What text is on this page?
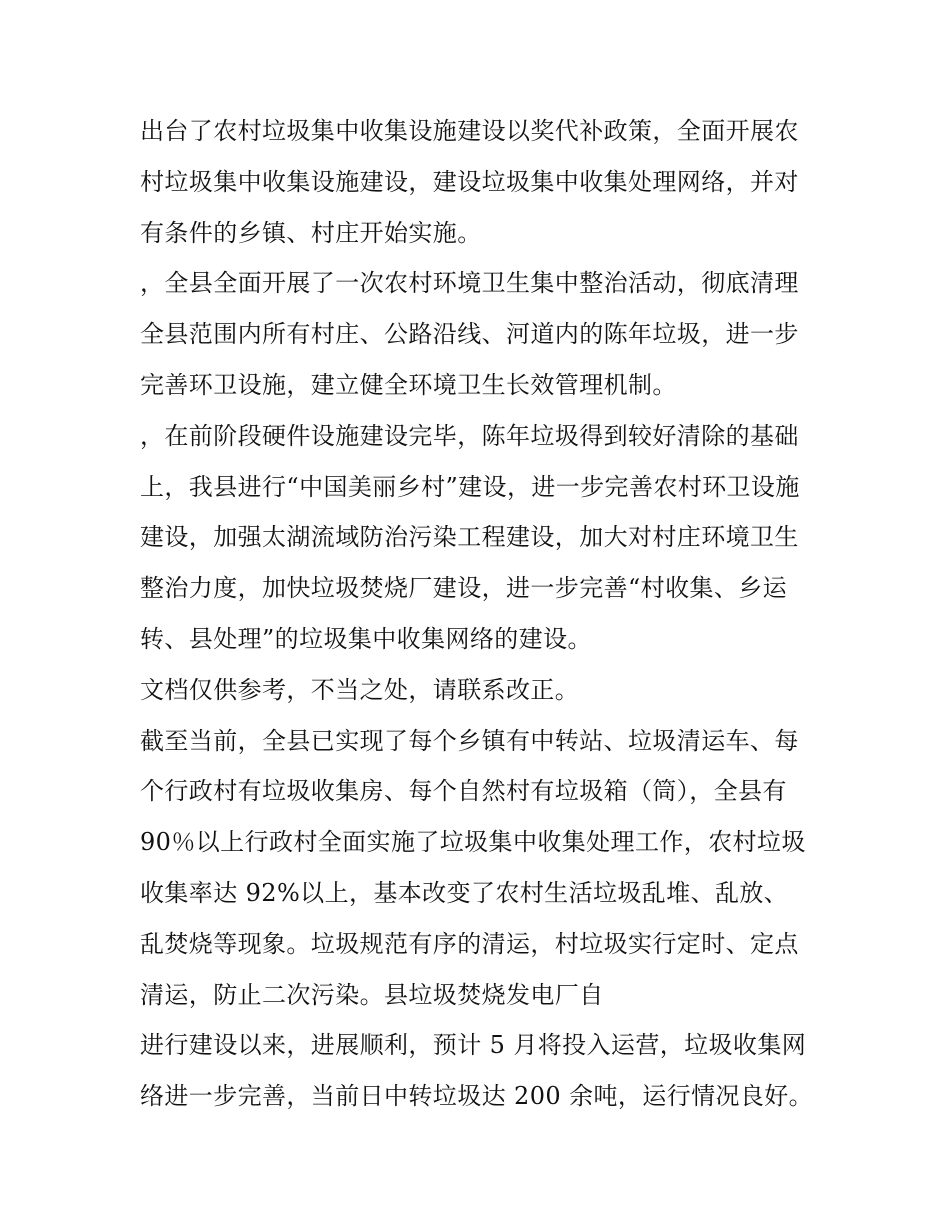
出台了农村垃圾集中收集设施建设以奖代补政策，全面开展农
村垃圾集中收集设施建设，建设垃圾集中收集处理网络，并对
有条件的乡镇、村庄开始实施。
，全县全面开展了一次农村环境卫生集中整治活动，彻底清理
全县范围内所有村庄、公路沿线、河道内的陈年垃圾，进一步
完善环卫设施，建立健全环境卫生长效管理机制。
，在前阶段硬件设施建设完毕，陈年垃圾得到较好清除的基础
上，我县进行“中国美丽乡村”建设，进一步完善农村环卫设施
建设，加强太湖流域防治污染工程建设，加大对村庄环境卫生
整治力度，加快垃圾焚烧厂建设，进一步完善“村收集、乡运
转、县处理”的垃圾集中收集网络的建设。
文档仅供参考，不当之处，请联系改正。
截至当前，全县已实现了每个乡镇有中转站、垃圾清运车、每
个行政村有垃圾收集房、每个自然村有垃圾箱（筒），全县有
90％以上行政村全面实施了垃圾集中收集处理工作，农村垃圾
收集率达 92%以上，基本改变了农村生活垃圾乱堆、乱放、
乱焚烧等现象。垃圾规范有序的清运，村垃圾实行定时、定点
清运，防止二次污染。县垃圾焚烧发电厂自
进行建设以来，进展顺利，预计 5 月将投入运营，垃圾收集网
络进一步完善，当前日中转垃圾达 200 余吨，运行情况良好。
